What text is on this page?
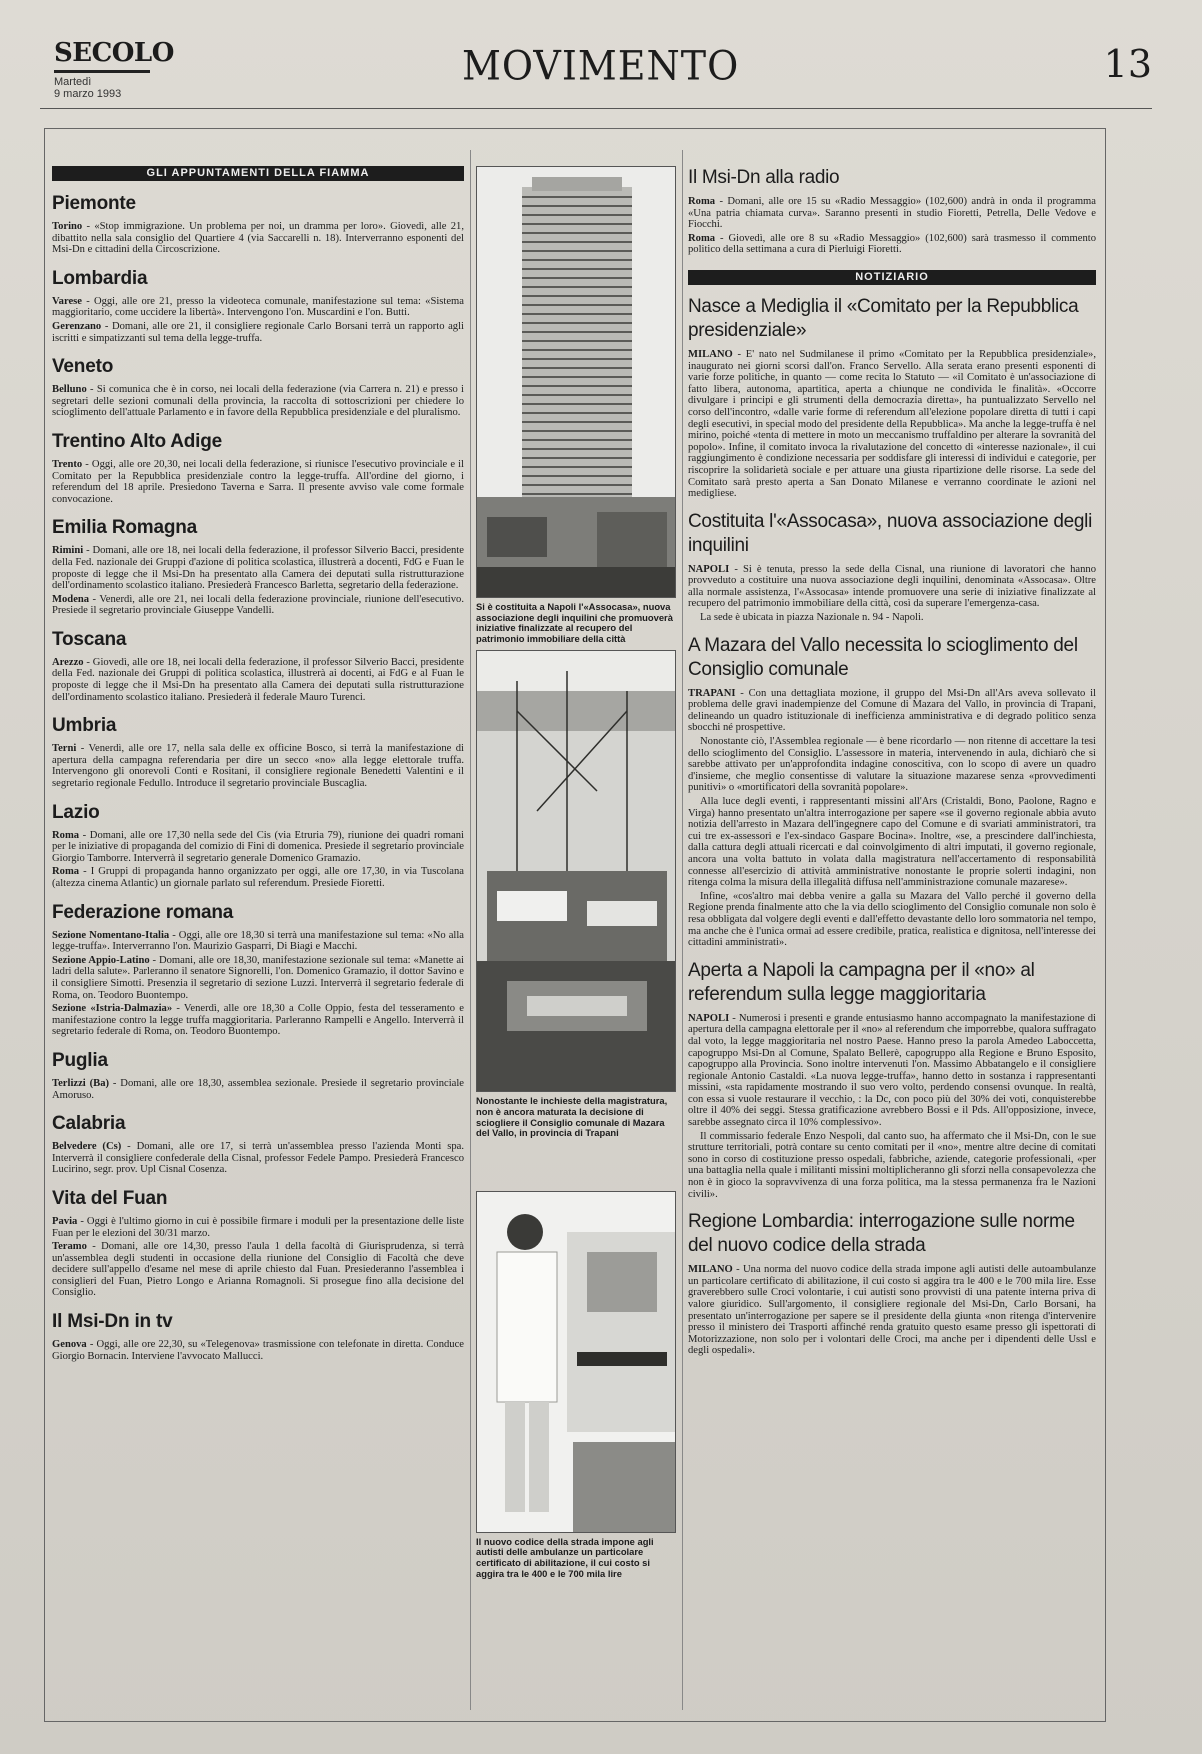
SECOLO
Martedì
9 marzo 1993
MOVIMENTO	13
GLI APPUNTAMENTI DELLA FIAMMA
Piemonte

Torino - «Stop immigrazione. Un problema per noi, un dramma per loro». Giovedì, alle 21, dibattito nella sala consiglio del Quartiere 4 (via Saccarelli n. 18). Interverranno esponenti del Msi-Dn e cittadini della Circoscrizione.

Lombardia

Varese - Oggi, alle ore 21, presso la videoteca comunale, manifestazione sul tema: «Sistema maggioritario, come uccidere la libertà». Intervengono l'on. Muscardini e l'on. Butti.

Gerenzano - Domani, alle ore 21, il consigliere regionale Carlo Borsani terrà un rapporto agli iscritti e simpatizzanti sul tema della legge-truffa.

Veneto

Belluno - Si comunica che è in corso, nei locali della federazione (via Carrera n. 21) e presso i segretari delle sezioni comunali della provincia, la raccolta di sottoscrizioni per chiedere lo scioglimento dell'attuale Parlamento e in favore della Repubblica presidenziale e del pluralismo.

Trentino Alto Adige

Trento - Oggi, alle ore 20,30, nei locali della federazione, si riunisce l'esecutivo provinciale e il Comitato per la Repubblica presidenziale contro la legge-truffa. All'ordine del giorno, i referendum del 18 aprile. Presiedono Taverna e Sarra. Il presente avviso vale come formale convocazione.

Emilia Romagna

Rimini - Domani, alle ore 18, nei locali della federazione, il professor Silverio Bacci, presidente della Fed. nazionale dei Gruppi d'azione di politica scolastica, illustrerà a docenti, FdG e Fuan le proposte di legge che il Msi-Dn ha presentato alla Camera dei deputati sulla ristrutturazione dell'ordinamento scolastico italiano. Presiederà Francesco Barletta, segretario della federazione.

Modena - Venerdì, alle ore 21, nei locali della federazione provinciale, riunione dell'esecutivo. Presiede il segretario provinciale Giuseppe Vandelli.

Toscana

Arezzo - Giovedì, alle ore 18, nei locali della federazione, il professor Silverio Bacci, presidente della Fed. nazionale dei Gruppi di politica scolastica, illustrerà ai docenti, ai FdG e al Fuan le proposte di legge che il Msi-Dn ha presentato alla Camera dei deputati sulla ristrutturazione dell'ordinamento scolastico italiano. Presiederà il federale Mauro Turenci.

Umbria

Terni - Venerdì, alle ore 17, nella sala delle ex officine Bosco, si terrà la manifestazione di apertura della campagna referendaria per dire un secco «no» alla legge elettorale truffa. Intervengono gli onorevoli Conti e Rositani, il consigliere regionale Benedetti Valentini e il segretario regionale Fedullo. Introduce il segretario provinciale Buscaglia.

Lazio

Roma - Domani, alle ore 17,30 nella sede del Cis (via Etruria 79), riunione dei quadri romani per le iniziative di propaganda del comizio di Fini di domenica. Presiede il segretario provinciale Giorgio Tamborre. Interverrà il segretario generale Domenico Gramazio.

Roma - I Gruppi di propaganda hanno organizzato per oggi, alle ore 17,30, in via Tuscolana (altezza cinema Atlantic) un giornale parlato sul referendum. Presiede Fioretti.

Federazione romana

Sezione Nomentano-Italia - Oggi, alle ore 18,30 si terrà una manifestazione sul tema: «No alla legge-truffa». Interverranno l'on. Maurizio Gasparri, Di Biagi e Macchi.

Sezione Appio-Latino - Domani, alle ore 18,30, manifestazione sezionale sul tema: «Manette ai ladri della salute». Parleranno il senatore Signorelli, l'on. Domenico Gramazio, il dottor Savino e il consigliere Simotti. Presenzia il segretario di sezione Luzzi. Interverrà il segretario federale di Roma, on. Teodoro Buontempo.

Sezione «Istria-Dalmazia» - Venerdì, alle ore 18,30 a Colle Oppio, festa del tesseramento e manifestazione contro la legge truffa maggioritaria. Parleranno Rampelli e Angello. Interverrà il segretario federale di Roma, on. Teodoro Buontempo.

Puglia

Terlizzi (Ba) - Domani, alle ore 18,30, assemblea sezionale. Presiede il segretario provinciale Amoruso.

Calabria

Belvedere (Cs) - Domani, alle ore 17, si terrà un'assemblea presso l'azienda Monti spa. Interverrà il consigliere confederale della Cisnal, professor Fedele Pampo. Presiederà Francesco Lucirino, segr. prov. Upl Cisnal Cosenza.

Vita del Fuan

Pavia - Oggi è l'ultimo giorno in cui è possibile firmare i moduli per la presentazione delle liste Fuan per le elezioni del 30/31 marzo.

Teramo - Domani, alle ore 14,30, presso l'aula 1 della facoltà di Giurisprudenza, si terrà un'assemblea degli studenti in occasione della riunione del Consiglio di Facoltà che deve decidere sull'appello d'esame nel mese di aprile chiesto dal Fuan. Presiederanno l'assemblea i consiglieri del Fuan, Pietro Longo e Arianna Romagnoli. Si prosegue fino alla decisione del Consiglio.

Il Msi-Dn in tv

Genova - Oggi, alle ore 22,30, su «Telegenova» trasmissione con telefonate in diretta. Conduce Giorgio Bornacin. Interviene l'avvocato Mallucci.

Si è costituita a Napoli l'«Assocasa», nuova associazione degli inquilini che promuoverà iniziative finalizzate al recupero del patrimonio immobiliare della città
Nonostante le inchieste della magistratura, non è ancora maturata la decisione di sciogliere il Consiglio comunale di Mazara del Vallo, in provincia di Trapani
Il nuovo codice della strada impone agli autisti delle ambulanze un particolare certificato di abilitazione, il cui costo si aggira tra le 400 e le 700 mila lire
Il Msi-Dn alla radio

Roma - Domani, alle ore 15 su «Radio Messaggio» (102,600) andrà in onda il programma «Una patria chiamata curva». Saranno presenti in studio Fioretti, Petrella, Delle Vedove e Fiocchi.

Roma - Giovedì, alle ore 8 su «Radio Messaggio» (102,600) sarà trasmesso il commento politico della settimana a cura di Pierluigi Fioretti.

NOTIZIARIO
Nasce a Mediglia il «Comitato per la Repubblica presidenziale»

MILANO - E' nato nel Sudmilanese il primo «Comitato per la Repubblica presidenziale», inaugurato nei giorni scorsi dall'on. Franco Servello. Alla serata erano presenti esponenti di varie forze politiche, in quanto — come recita lo Statuto — «il Comitato è un'associazione di fatto libera, autonoma, apartitica, aperta a chiunque ne condivida le finalità». «Occorre divulgare i principi e gli strumenti della democrazia diretta», ha puntualizzato Servello nel corso dell'incontro, «dalle varie forme di referendum all'elezione popolare diretta di tutti i capi degli esecutivi, in special modo del presidente della Repubblica». Ma anche la legge-truffa è nel mirino, poiché «tenta di mettere in moto un meccanismo truffaldino per alterare la sovranità del popolo». Infine, il comitato invoca la rivalutazione del concetto di «interesse nazionale», il cui raggiungimento è condizione necessaria per soddisfare gli interessi di individui e categorie, per riscoprire la solidarietà sociale e per attuare una giusta ripartizione delle risorse. La sede del Comitato sarà presto aperta a San Donato Milanese e verranno coordinate le azioni nel medigliese.

Costituita l'«Assocasa», nuova associazione degli inquilini

NAPOLI - Si è tenuta, presso la sede della Cisnal, una riunione di lavoratori che hanno provveduto a costituire una nuova associazione degli inquilini, denominata «Assocasa». Oltre alla normale assistenza, l'«Assocasa» intende promuovere una serie di iniziative finalizzate al recupero del patrimonio immobiliare della città, così da superare l'emergenza-casa.

La sede è ubicata in piazza Nazionale n. 94 - Napoli.

A Mazara del Vallo necessita lo scioglimento del Consiglio comunale

TRAPANI - Con una dettagliata mozione, il gruppo del Msi-Dn all'Ars aveva sollevato il problema delle gravi inadempienze del Comune di Mazara del Vallo, in provincia di Trapani, delineando un quadro istituzionale di inefficienza amministrativa e di degrado politico senza sbocchi né prospettive.

Nonostante ciò, l'Assemblea regionale — è bene ricordarlo — non ritenne di accettare la tesi dello scioglimento del Consiglio. L'assessore in materia, intervenendo in aula, dichiarò che si sarebbe attivato per un'approfondita indagine conoscitiva, con lo scopo di avere un quadro d'insieme, che meglio consentisse di valutare la situazione mazarese senza «provvedimenti punitivi» o «mortificatori della sovranità popolare».

Alla luce degli eventi, i rappresentanti missini all'Ars (Cristaldi, Bono, Paolone, Ragno e Virga) hanno presentato un'altra interrogazione per sapere «se il governo regionale abbia avuto notizia dell'arresto in Mazara dell'ingegnere capo del Comune e di svariati amministratori, tra cui tre ex-assessori e l'ex-sindaco Gaspare Bocina». Inoltre, «se, a prescindere dall'inchiesta, dalla cattura degli attuali ricercati e dal coinvolgimento di altri imputati, il governo regionale, ancora una volta battuto in volata dalla magistratura nell'accertamento di responsabilità connesse all'esercizio di attività amministrative nonostante le proprie solerti indagini, non ritenga colma la misura della illegalità diffusa nell'amministrazione comunale mazarese».

Infine, «cos'altro mai debba venire a galla su Mazara del Vallo perché il governo della Regione prenda finalmente atto che la via dello scioglimento del Consiglio comunale non solo è resa obbligata dal volgere degli eventi e dall'effetto devastante dello loro sommatoria nel tempo, ma anche che è l'unica ormai ad essere credibile, pratica, realistica e dignitosa, nell'interesse dei cittadini amministrati».

Aperta a Napoli la campagna per il «no» al referendum sulla legge maggioritaria

NAPOLI - Numerosi i presenti e grande entusiasmo hanno accompagnato la manifestazione di apertura della campagna elettorale per il «no» al referendum che imporrebbe, qualora suffragato dal voto, la legge maggioritaria nel nostro Paese. Hanno preso la parola Amedeo Laboccetta, capogruppo Msi-Dn al Comune, Spalato Bellerè, capogruppo alla Regione e Bruno Esposito, capogruppo alla Provincia. Sono inoltre intervenuti l'on. Massimo Abbatangelo e il consigliere regionale Antonio Castaldi. «La nuova legge-truffa», hanno detto in sostanza i rappresentanti missini, «sta rapidamente mostrando il suo vero volto, perdendo consensi ovunque. In realtà, con essa si vuole restaurare il vecchio, : la Dc, con poco più del 30% dei voti, conquisterebbe oltre il 40% dei seggi. Stessa gratificazione avrebbero Bossi e il Pds. All'opposizione, invece, sarebbe assegnato circa il 10% complessivo».

Il commissario federale Enzo Nespoli, dal canto suo, ha affermato che il Msi-Dn, con le sue strutture territoriali, potrà contare su cento comitati per il «no», mentre altre decine di comitati sono in corso di costituzione presso ospedali, fabbriche, aziende, categorie professionali, «per una battaglia nella quale i militanti missini moltiplicheranno gli sforzi nella consapevolezza che non è in gioco la sopravvivenza di una forza politica, ma la stessa permanenza fra le Nazioni civili».

Regione Lombardia: interrogazione sulle norme del nuovo codice della strada

MILANO - Una norma del nuovo codice della strada impone agli autisti delle autoambulanze un particolare certificato di abilitazione, il cui costo si aggira tra le 400 e le 700 mila lire. Esse graverebbero sulle Croci volontarie, i cui autisti sono provvisti di una patente interna priva di valore giuridico. Sull'argomento, il consigliere regionale del Msi-Dn, Carlo Borsani, ha presentato un'interrogazione per sapere se il presidente della giunta «non ritenga d'intervenire presso il ministero dei Trasporti affinché renda gratuito questo esame presso gli ispettorati di Motorizzazione, non solo per i volontari delle Croci, ma anche per i dipendenti delle Ussl e degli ospedali».
